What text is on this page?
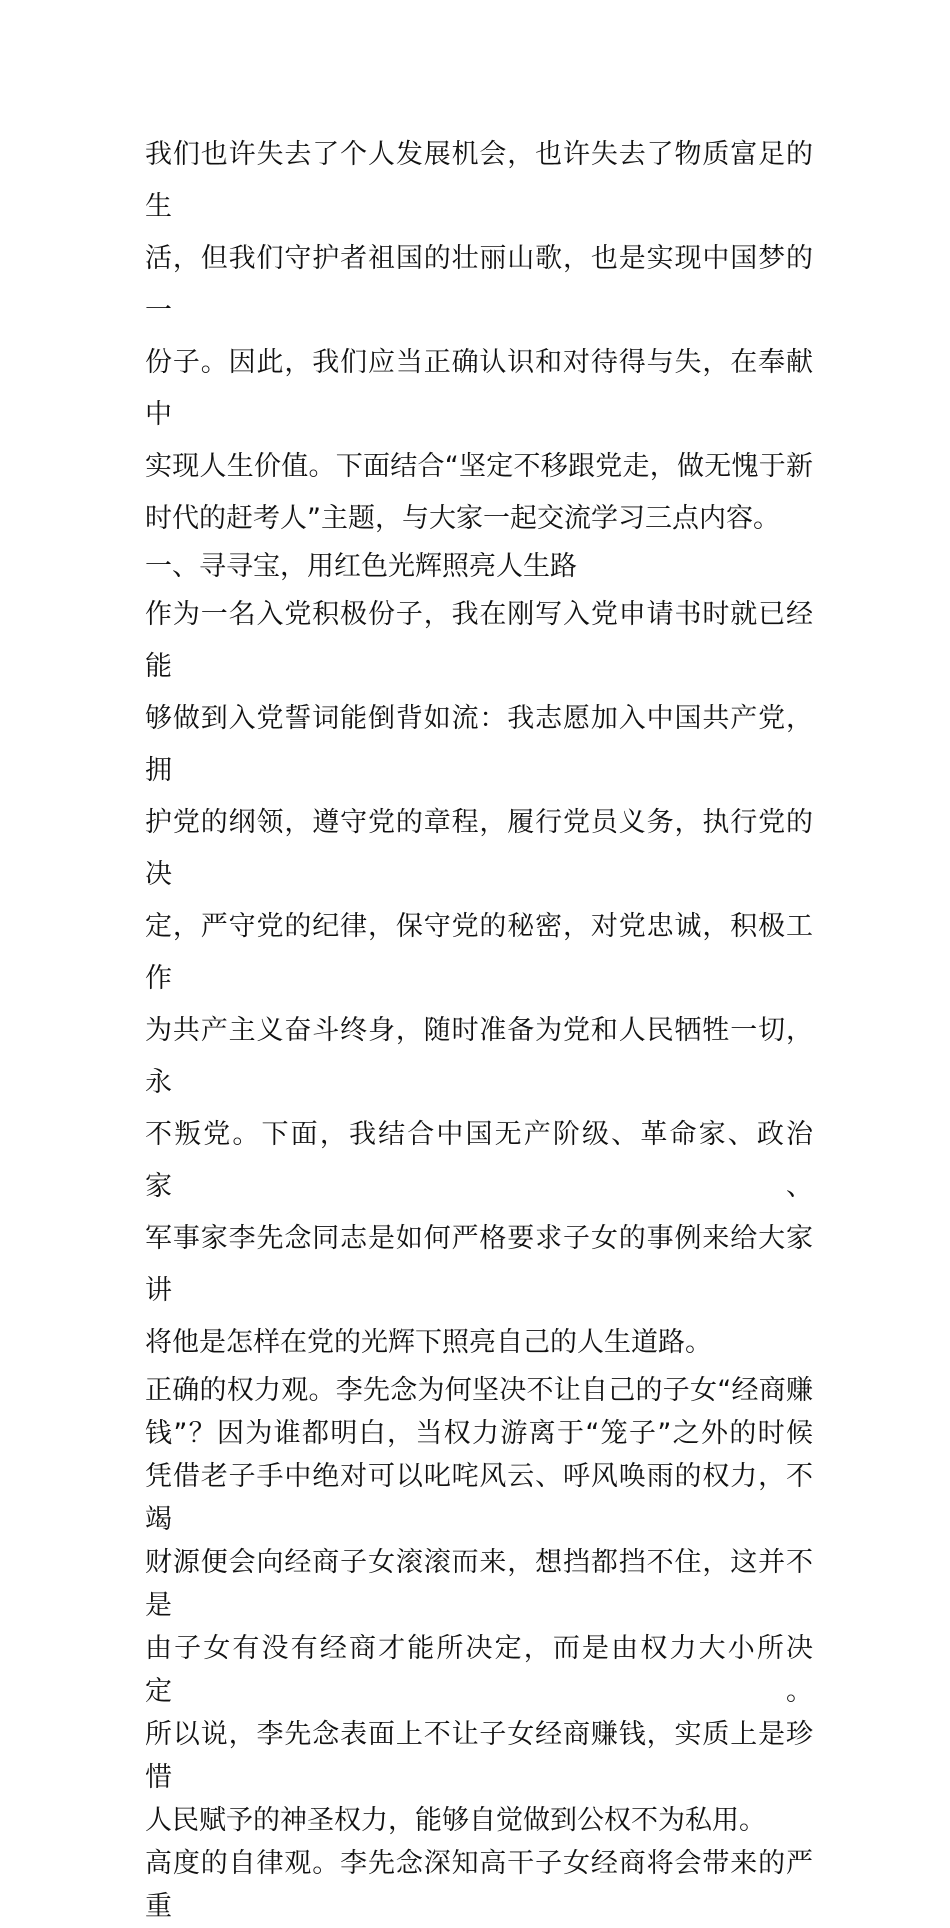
我们也许失去了个人发展机会，也许失去了物质富足的生
活，但我们守护者祖国的壮丽山歌，也是实现中国梦的一
份子。因此，我们应当正确认识和对待得与失，在奉献中
实现人生价值。下面结合“坚定不移跟党走，做无愧于新
时代的赶考人”主题，与大家一起交流学习三点内容。
一、寻寻宝，用红色光辉照亮人生路
作为一名入党积极份子，我在刚写入党申请书时就已经能
够做到入党誓词能倒背如流：我志愿加入中国共产党，拥
护党的纲领，遵守党的章程，履行党员义务，执行党的决
定，严守党的纪律，保守党的秘密，对党忠诚，积极工作
为共产主义奋斗终身，随时准备为党和人民牺牲一切，永
不叛党。下面，我结合中国无产阶级、革命家、政治家、
军事家李先念同志是如何严格要求子女的事例来给大家讲
将他是怎样在党的光辉下照亮自己的人生道路。
正确的权力观。李先念为何坚决不让自己的子女“经商赚
钱”？因为谁都明白，当权力游离于“笼子”之外的时候
凭借老子手中绝对可以叱咤风云、呼风唤雨的权力，不竭
财源便会向经商子女滚滚而来，想挡都挡不住，这并不是
由子女有没有经商才能所决定，而是由权力大小所决定。
所以说，李先念表面上不让子女经商赚钱，实质上是珍惜
人民赋予的神圣权力，能够自觉做到公权不为私用。
高度的自律观。李先念深知高干子女经商将会带来的严重
